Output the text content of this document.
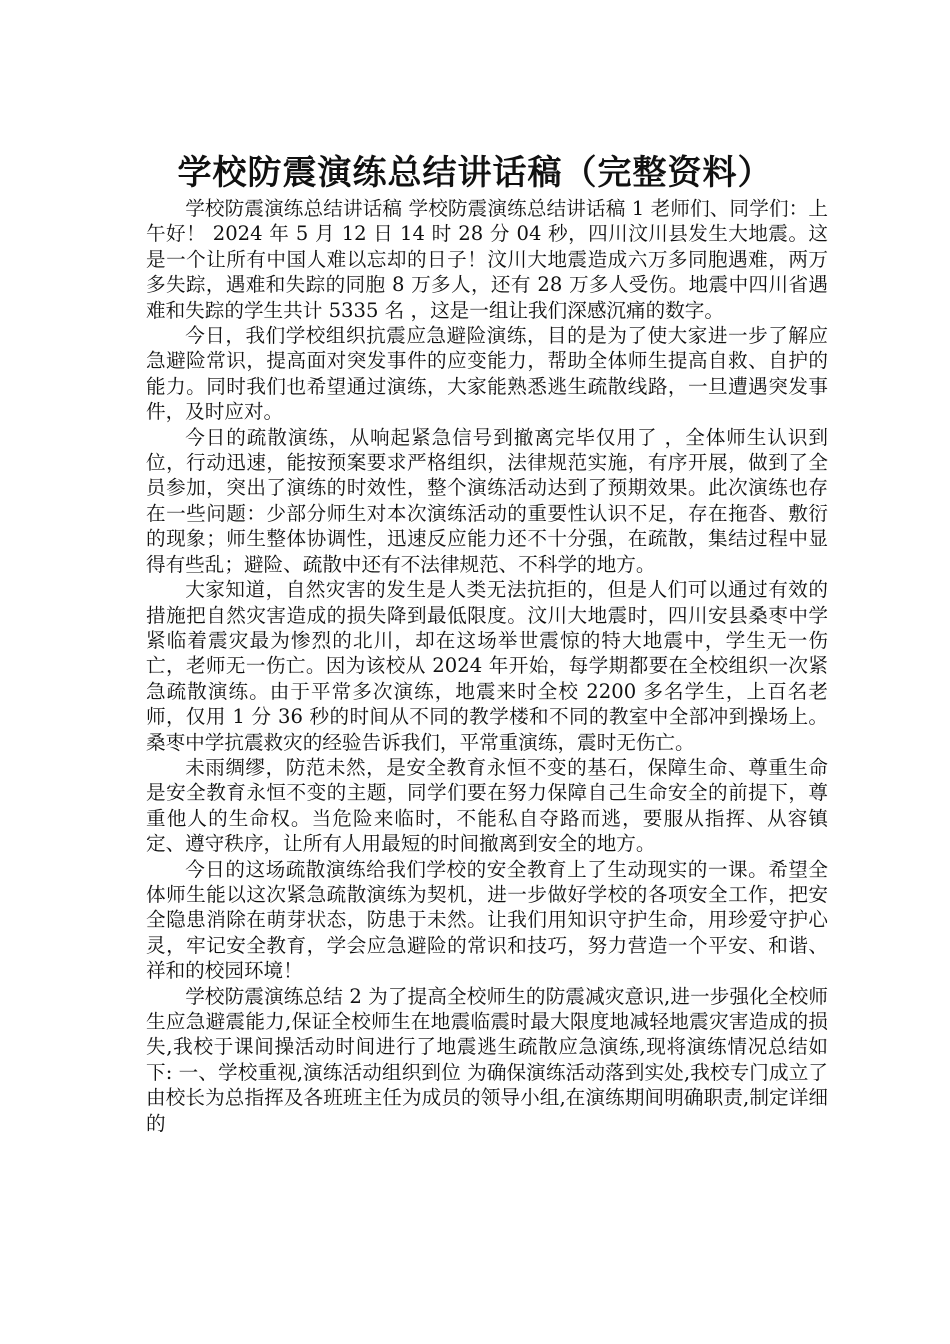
学校防震演练总结讲话稿（完整资料）

学校防震演练总结讲话稿 学校防震演练总结讲话稿 1 老师们、同学们：上午好！ 2024 年 5 月 12 日 14 时 28 分 04 秒，四川汶川县发生大地震。这是一个让所有中国人难以忘却的日子！汶川大地震造成六万多同胞遇难，两万多失踪，遇难和失踪的同胞 8 万多人，还有 28 万多人受伤。地震中四川省遇难和失踪的学生共计 5335 名 ，这是一组让我们深感沉痛的数字。

今日，我们学校组织抗震应急避险演练，目的是为了使大家进一步了解应急避险常识，提高面对突发事件的应变能力，帮助全体师生提高自救、自护的能力。同时我们也希望通过演练，大家能熟悉逃生疏散线路，一旦遭遇突发事件，及时应对。

今日的疏散演练，从响起紧急信号到撤离完毕仅用了 ，全体师生认识到位，行动迅速，能按预案要求严格组织，法律规范实施，有序开展，做到了全员参加，突出了演练的时效性，整个演练活动达到了预期效果。此次演练也存在一些问题：少部分师生对本次演练活动的重要性认识不足，存在拖沓、敷衍的现象；师生整体协调性，迅速反应能力还不十分强，在疏散，集结过程中显得有些乱；避险、疏散中还有不法律规范、不科学的地方。

大家知道，自然灾害的发生是人类无法抗拒的，但是人们可以通过有效的措施把自然灾害造成的损失降到最低限度。汶川大地震时，四川安县桑枣中学紧临着震灾最为惨烈的北川，却在这场举世震惊的特大地震中，学生无一伤亡，老师无一伤亡。因为该校从 2024 年开始，每学期都要在全校组织一次紧急疏散演练。由于平常多次演练，地震来时全校 2200 多名学生，上百名老师，仅用 1 分 36 秒的时间从不同的教学楼和不同的教室中全部冲到操场上。桑枣中学抗震救灾的经验告诉我们，平常重演练，震时无伤亡。

未雨绸缪，防范未然，是安全教育永恒不变的基石，保障生命、尊重生命是安全教育永恒不变的主题，同学们要在努力保障自己生命安全的前提下，尊重他人的生命权。当危险来临时，不能私自夺路而逃，要服从指挥、从容镇定、遵守秩序，让所有人用最短的时间撤离到安全的地方。

今日的这场疏散演练给我们学校的安全教育上了生动现实的一课。希望全体师生能以这次紧急疏散演练为契机，进一步做好学校的各项安全工作，把安全隐患消除在萌芽状态，防患于未然。让我们用知识守护生命，用珍爱守护心灵，牢记安全教育，学会应急避险的常识和技巧，努力营造一个平安、和谐、祥和的校园环境！

学校防震演练总结 2 为了提高全校师生的防震减灾意识,进一步强化全校师生应急避震能力,保证全校师生在地震临震时最大限度地减轻地震灾害造成的损失,我校于课间操活动时间进行了地震逃生疏散应急演练,现将演练情况总结如下: 一、学校重视,演练活动组织到位 为确保演练活动落到实处,我校专门成立了由校长为总指挥及各班班主任为成员的领导小组,在演练期间明确职责,制定详细的
